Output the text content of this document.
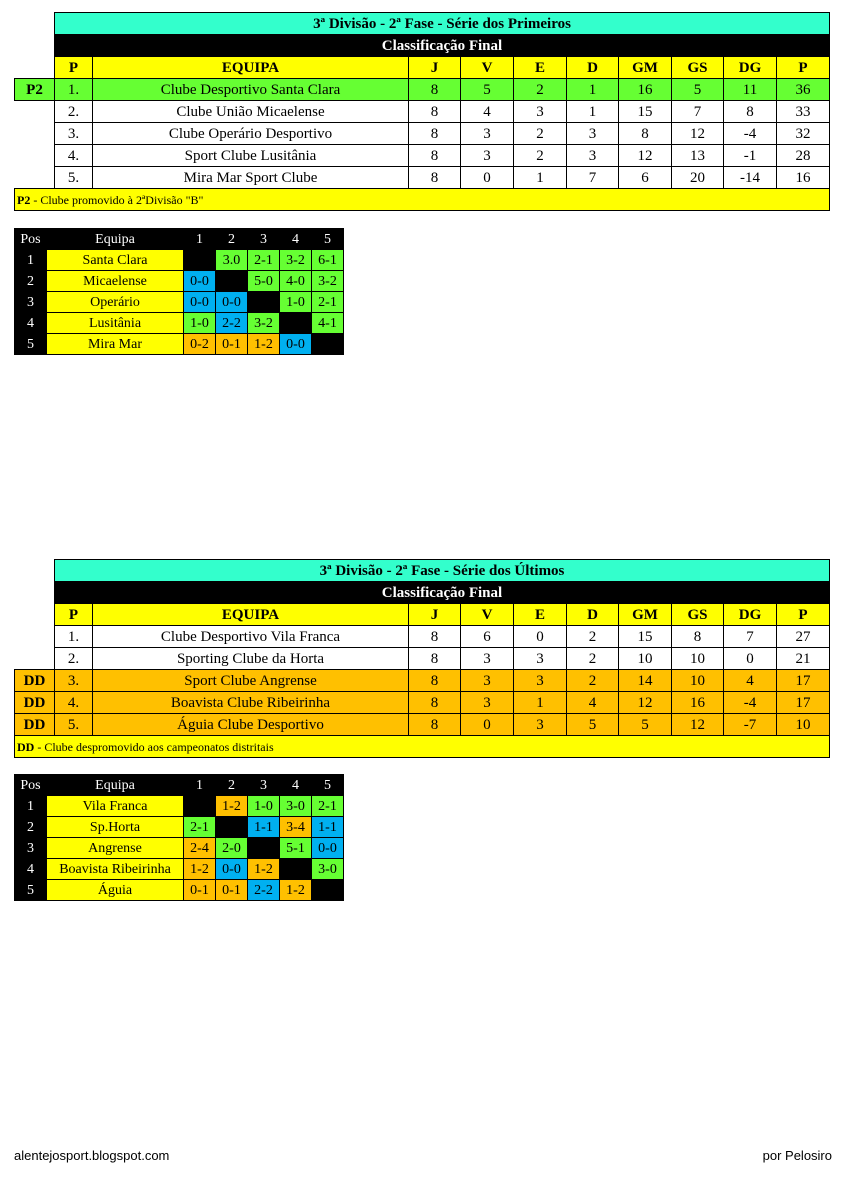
	3ª Divisão - 2ª Fase - Série dos Primeiros									
	Classificação Final									
	P	EQUIPA	J	V	E	D	GM	GS	DG	P
P2	1.	Clube Desportivo Santa Clara	8	5	2	1	16	5	11	36
	2.	Clube União Micaelense	8	4	3	1	15	7	8	33
	3.	Clube Operário Desportivo	8	3	2	3	8	12	-4	32
	4.	Sport Clube Lusitânia	8	3	2	3	12	13	-1	28
	5.	Mira Mar Sport Clube	8	0	1	7	6	20	-14	16
P2 - Clube promovido à 2ªDivisão "B"										
Pos	Equipa	1	2	3	4	5
1	Santa Clara		3.0	2-1	3-2	6-1
2	Micaelense	0-0		5-0	4-0	3-2
3	Operário	0-0	0-0		1-0	2-1
4	Lusitânia	1-0	2-2	3-2		4-1
5	Mira Mar	0-2	0-1	1-2	0-0	
	3ª Divisão - 2ª Fase - Série dos Últimos									
	Classificação Final									
	P	EQUIPA	J	V	E	D	GM	GS	DG	P
	1.	Clube Desportivo Vila Franca	8	6	0	2	15	8	7	27
	2.	Sporting Clube da Horta	8	3	3	2	10	10	0	21
DD	3.	Sport Clube Angrense	8	3	3	2	14	10	4	17
DD	4.	Boavista Clube Ribeirinha	8	3	1	4	12	16	-4	17
DD	5.	Águia Clube Desportivo	8	0	3	5	5	12	-7	10
DD - Clube despromovido aos campeonatos distritais										
Pos	Equipa	1	2	3	4	5
1	Vila Franca		1-2	1-0	3-0	2-1
2	Sp.Horta	2-1		1-1	3-4	1-1
3	Angrense	2-4	2-0		5-1	0-0
4	Boavista Ribeirinha	1-2	0-0	1-2		3-0
5	Águia	0-1	0-1	2-2	1-2	
alentejosport.blogspot.com	por Pelosiro
